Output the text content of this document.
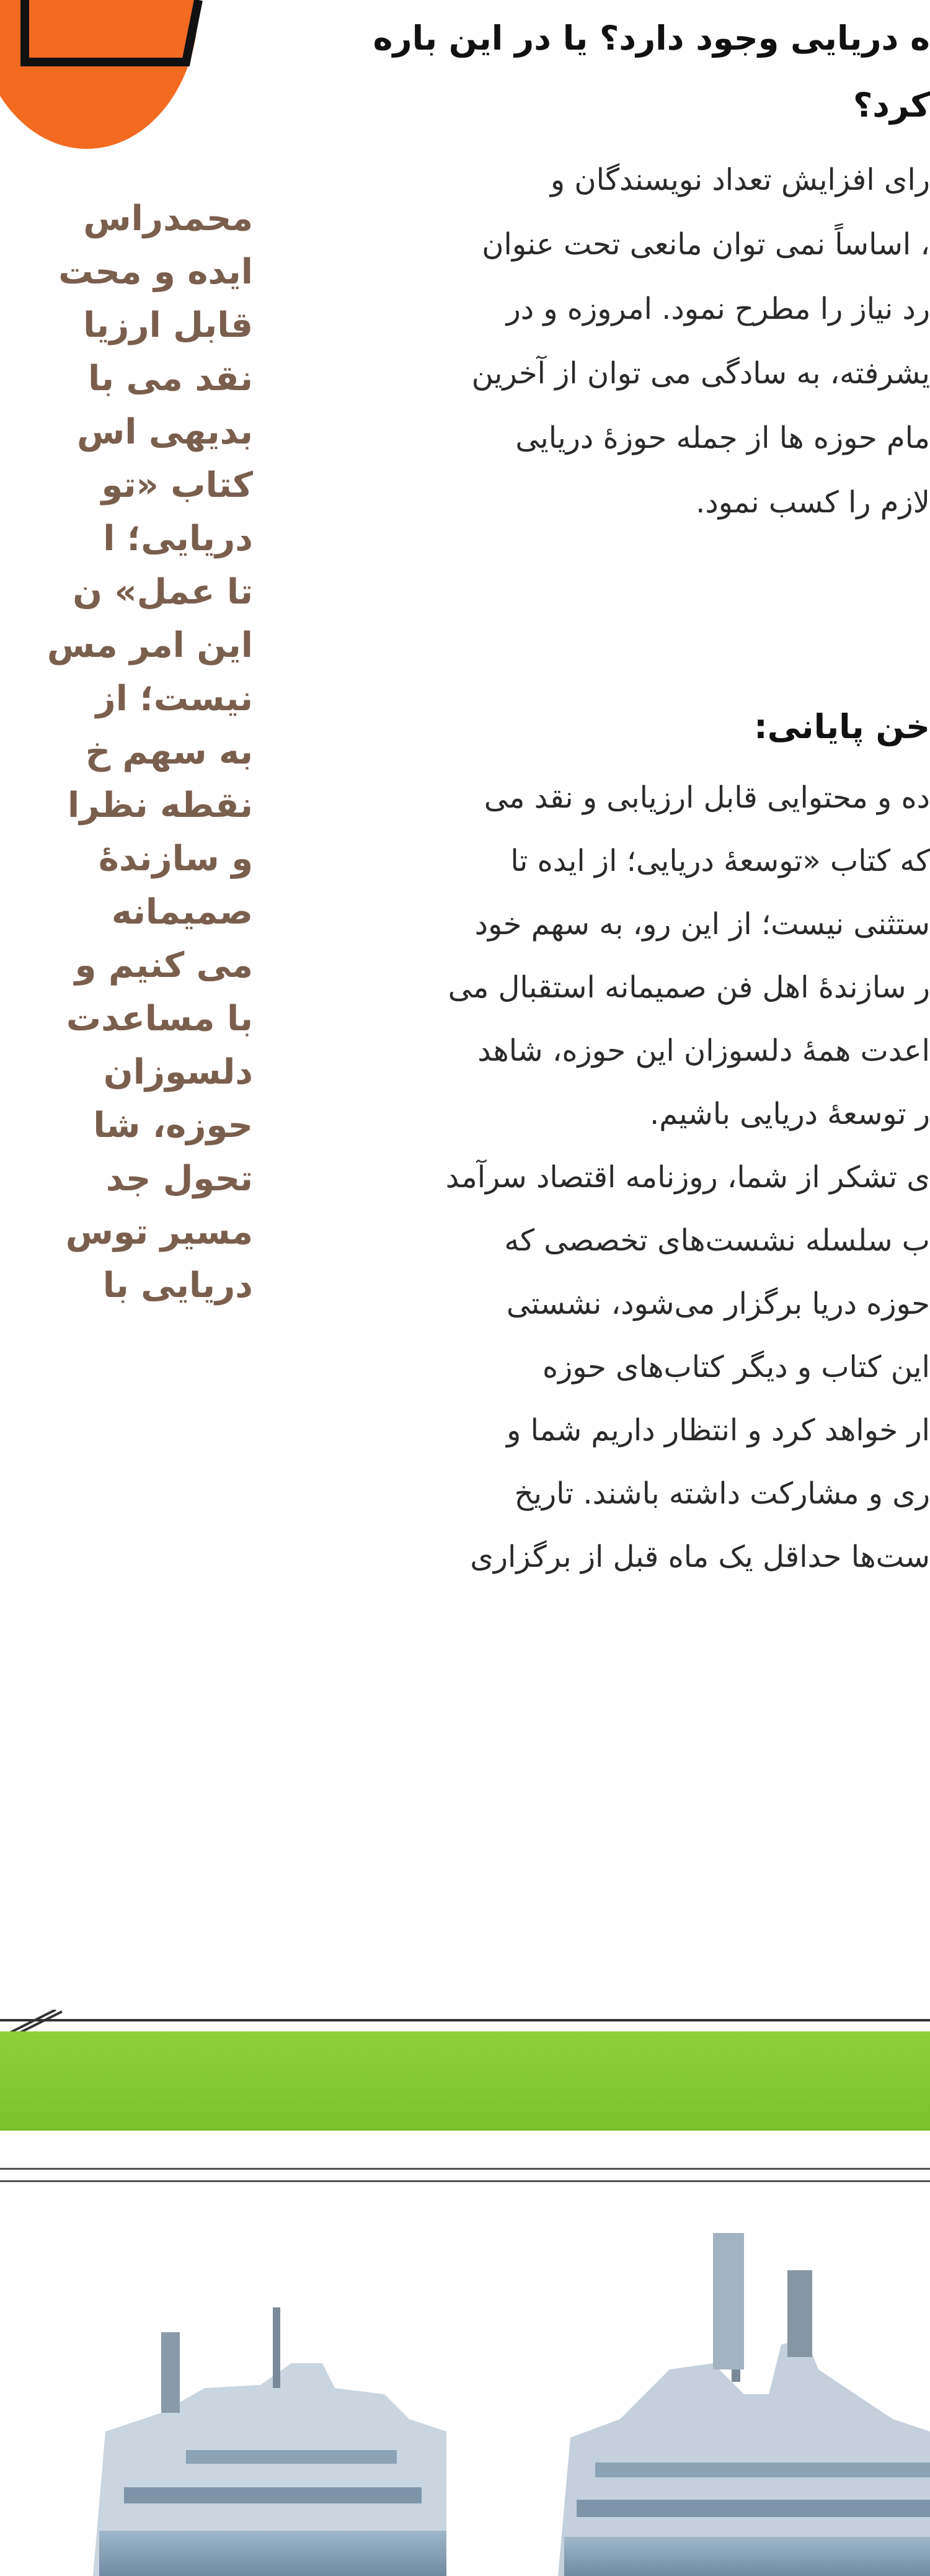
محمدراس
ایده و محت
قابل ارزیا
نقد می با
بدیهی اس
کتاب «تو
دریایی؛ ا
تا عمل» ن
این امر مس
نیست؛ از
به سهم خ
نقطه نظرا
و سازندهٔ
صمیمانه
می کنیم و
با مساعدت
دلسوزان
حوزه، شا
تحول جد
مسیر توس
دریایی با
ه دریایی وجود دارد؟ یا در این باره
کرد؟
رای افزایش تعداد نویسندگان و
، اساساً نمی توان مانعی تحت عنوان
رد نیاز را مطرح نمود. امروزه و در
یشرفته، به سادگی می توان از آخرین
مام حوزه ها از جمله حوزهٔ دریایی
لازم را کسب نمود.
خن پایانی:
ده و محتوایی قابل ارزیابی و نقد می
که کتاب «توسعهٔ دریایی؛ از ایده تا
ستثنی نیست؛ از این رو، به سهم خود
ر سازندهٔ اهل فن صمیمانه استقبال می
اعدت همهٔ دلسوزان این حوزه، شاهد
ر توسعهٔ دریایی باشیم.
ی تشکر از شما، روزنامه اقتصاد سرآمد
ب سلسله نشست‌های تخصصی که
حوزه دریا برگزار می‌شود، نشستی
این کتاب و دیگر کتاب‌های حوزه
ار خواهد کرد و انتظار داریم شما و
ری و مشارکت داشته باشند. تاریخ
ست‌ها حداقل یک ماه قبل از برگزاری
